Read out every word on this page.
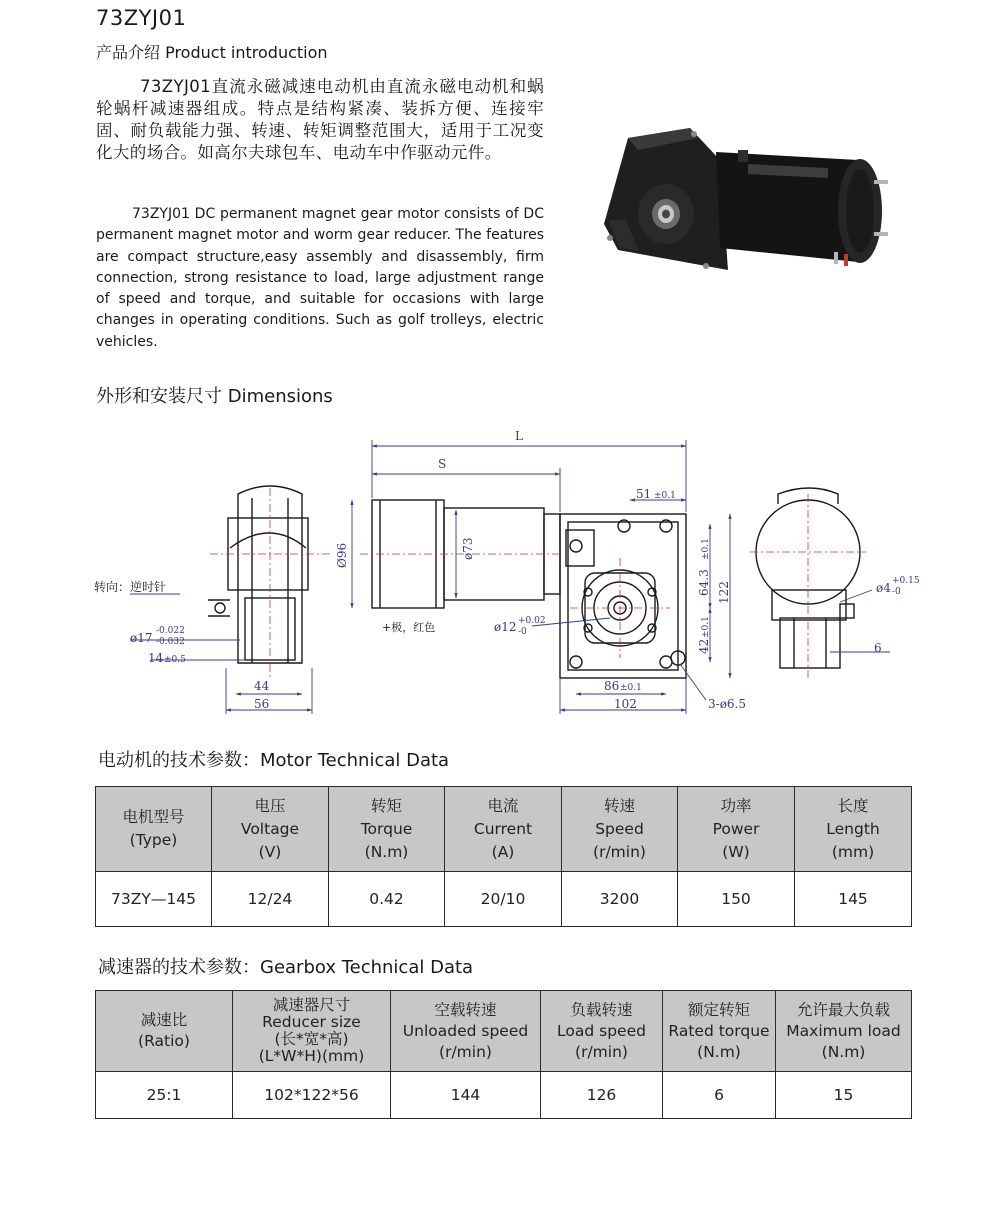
73ZYJ01
产品介绍 Product introduction

73ZYJ01直流永磁减速电动机由直流永磁电动机和蜗轮蜗杆减速器组成。特点是结构紧凑、装拆方便、连接牢固、耐负载能力强、转速、转矩调整范围大，适用于工况变化大的场合。如高尔夫球包车、电动车中作驱动元件。

73ZYJ01 DC permanent magnet gear motor consists of DC permanent magnet motor and worm gear reducer. The features are compact structure,easy assembly and disassembly, firm connection, strong resistance to load, large adjustment range of speed and torque, and suitable for occasions with large changes in operating conditions. Such as golf trolleys, electric vehicles.

外形和安装尺寸 Dimensions
L
S
Ø96	ø73
转向：逆时针
+极，红色	ø12 +0.02
-0
ø17 -0.022
-0.032
14 ±0.5
44
56
51 ±0.1
64.3
±0.1
122
42
±0.1
86 ±0.1
102	3-ø6.5
ø4 +0.15
-0
6
电动机的技术参数：Motor Technical Data
电机型号
(Type)	电压
Voltage
(V)	转矩
Torque
(N.m)	电流
Current
(A)	转速
Speed
(r/min)	功率
Power
(W)	长度
Length
(mm)

73ZY—145	12/24	0.42	20/10	3200	150	145
减速器的技术参数：Gearbox Technical Data
减速比
(Ratio)	减速器尺寸
Reducer size
(长*宽*高)
(L*W*H)(mm)	空载转速
Unloaded speed
(r/min)	负载转速
Load speed
(r/min)	额定转矩
Rated torque
(N.m)	允许最大负载
Maximum load
(N.m)

25:1	102*122*56	144	126	6	15
